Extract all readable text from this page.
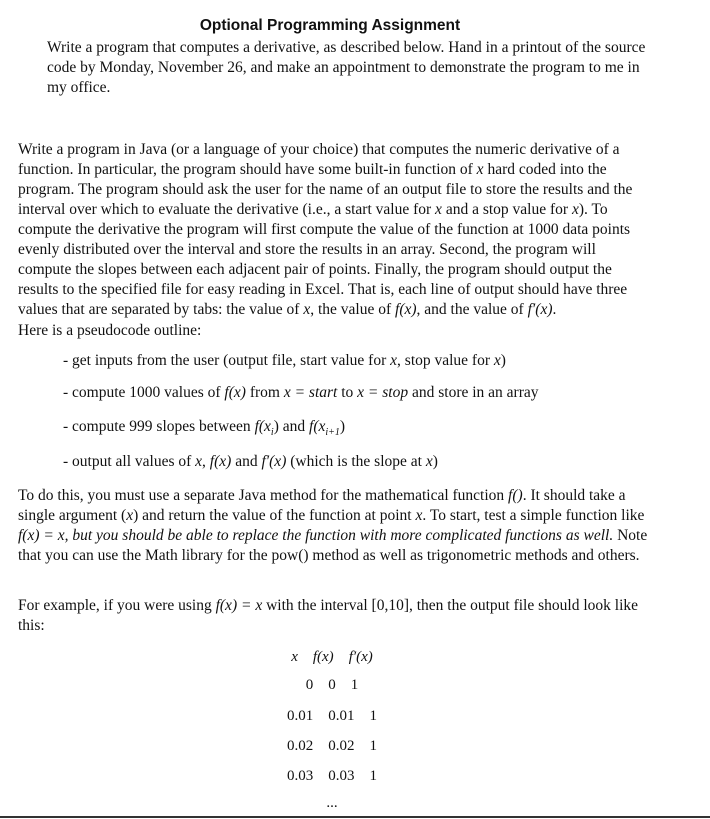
Optional Programming Assignment

Write a program that computes a derivative, as described below. Hand in a printout of the source code by Monday, November 26, and make an appointment to demonstrate the program to me in my office.

Write a program in Java (or a language of your choice) that computes the numeric derivative of a function. In particular, the program should have some built-in function of x hard coded into the program. The program should ask the user for the name of an output file to store the results and the interval over which to evaluate the derivative (i.e., a start value for x and a stop value for x). To compute the derivative the program will first compute the value of the function at 1000 data points evenly distributed over the interval and store the results in an array. Second, the program will compute the slopes between each adjacent pair of points. Finally, the program should output the results to the specified file for easy reading in Excel. That is, each line of output should have three values that are separated by tabs: the value of x, the value of f(x), and the value of f′(x).

Here is a pseudocode outline:

- get inputs from the user (output file, start value for x, stop value for x)

- compute 1000 values of f(x) from x = start to x = stop and store in an array

- compute 999 slopes between $f(x_i)$ and $f(x_{i+1})$

- output all values of x, f(x) and f′(x) (which is the slope at x)

To do this, you must use a separate Java method for the mathematical function f(). It should take a single argument (x) and return the value of the function at point x. To start, test a simple function like f(x) = x, but you should be able to replace the function with more complicated functions as well. Note that you can use the Math library for the pow() method as well as trigonometric methods and others.

For example, if you were using f(x) = x with the interval [0,10], then the output file should look like this:

x f(x) f′(x)
0 0 1
0.01 0.01 1
0.02 0.02 1
0.03 0.03 1
...
